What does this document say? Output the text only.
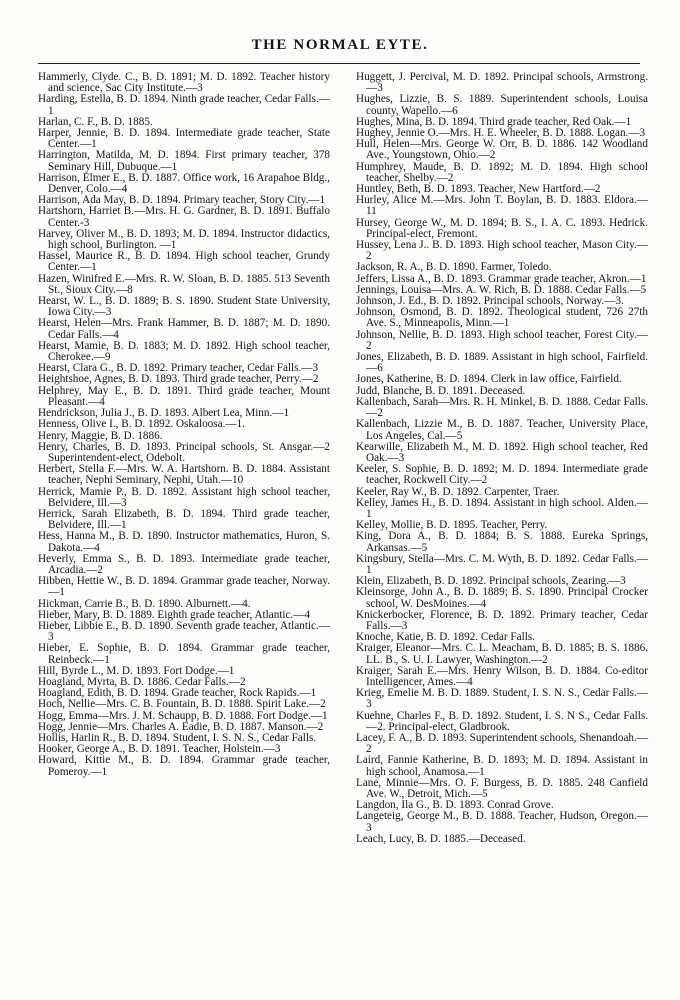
THE NORMAL EYTE.
Hammerly, Clyde. C., B. D. 1891; M. D. 1892. Teacher history and science, Sac City Institute.—3
Harding, Estella, B. D. 1894. Ninth grade teacher, Cedar Falls.—1
Harlan, C. F., B. D. 1885.
Harper, Jennie, B. D. 1894. Intermediate grade teacher, State Center.—1
Harrington, Matilda, M. D. 1894. First primary teacher, 378 Seminary Hill, Dubuque.—1
Harrison, Elmer E., B. D. 1887. Office work, 16 Arapahoe Bldg., Denver, Colo.—4
Harrison, Ada May, B. D. 1894. Primary teacher, Story City.—1
Hartshorn, Harriet B.—Mrs. H. G. Gardner, B. D. 1891. Buffalo Center.-3
Harvey, Oliver M., B. D. 1893; M. D. 1894. Instructor didactics, high school, Burlington. —1
Hassel, Maurice R., B. D. 1894. High school teacher, Grundy Center.—1
Hazen, Winifred E.—Mrs. R. W. Sloan, B. D. 1885. 513 Seventh St., Sioux City.—8
Hearst, W. L., B. D. 1889; B. S. 1890. Student State University, Iowa City.—3
Hearst, Helen—Mrs. Frank Hammer, B. D. 1887; M. D. 1890. Cedar Falls.—4
Hearst, Mamie, B. D. 1883; M. D. 1892. High school teacher, Cherokee.—9
Hearst, Clara G., B. D. 1892. Primary teacher, Cedar Falls.—3
Heightshoe, Agnes, B. D. 1893. Third grade teacher, Perry.—2
Helphrey, May E., B. D. 1891. Third grade teacher, Mount Pleasant.—4
Hendrickson, Julia J., B. D. 1893. Albert Lea, Minn.—1
Henness, Olive I., B. D. 1892. Oskaloosa.—1.
Henry, Maggie, B. D. 1886.
Henry, Charles, B. D. 1893. Principal schools, St. Ansgar.—2 Superintendent-elect, Odebolt.
Herbert, Stella F.—Mrs. W. A. Hartshorn. B. D. 1884. Assistant teacher, Nephi Seminary, Nephi, Utah.—10
Herrick, Mamie P., B. D. 1892. Assistant high school teacher, Belvidere, Ill.—3
Herrick, Sarah Elizabeth, B. D. 1894. Third grade teacher, Belvidere, Ill.—1
Hess, Hanna M., B. D. 1890. Instructor mathematics, Huron, S. Dakota.—4
Heverly, Emma S., B. D. 1893. Intermediate grade teacher, Arcadia.—2
Hibben, Hettie W., B. D. 1894. Grammar grade teacher, Norway.—1
Hickman, Carrie B., B. D. 1890. Alburnett.—4.
Hieber, Mary, B. D. 1889. Eighth grade teacher, Atlantic.—4
Hieber, Libbie E., B. D. 1890. Seventh grade teacher, Atlantic.— 3
Hieber, E. Sophie, B. D. 1894. Grammar grade teacher, Reinbeck.—1
Hill, Byrde L., M. D. 1893. Fort Dodge.—1
Hoagland, Myrta, B. D. 1886. Cedar Falls.—2
Hoagland, Edith, B. D. 1894. Grade teacher, Rock Rapids.—1
Hoch, Nellie—Mrs. C. B. Fountain, B. D. 1888. Spirit Lake.—2
Hogg, Emma—Mrs. J. M. Schaupp, B. D. 1888. Fort Dodge.—1
Hogg, Jennie—Mrs. Charles A. Eadie, B. D. 1887. Manson.—2
Hollis, Harlin R., B. D. 1894. Student, I. S. N. S., Cedar Falls.
Hooker, George A., B. D. 1891. Teacher, Holstein.—3
Howard, Kittie M., B. D. 1894. Grammar grade teacher, Pomeroy.—1
Huggett, J. Percival, M. D. 1892. Principal schools, Armstrong.—3
Hughes, Lizzie, B. S. 1889. Superintendent schools, Louisa county, Wapello.—6
Hughes, Mina, B. D. 1894. Third grade teacher, Red Oak.—1
Hughey, Jennie O.—Mrs. H. E. Wheeler, B. D. 1888. Logan.—3
Hull, Helen—Mrs. George W. Orr, B. D. 1886. 142 Woodland Ave., Youngstown, Ohio.—2
Humphrey, Maude, B. D. 1892; M. D. 1894. High school teacher, Shelby.—2
Huntley, Beth, B. D. 1893. Teacher, New Hartford.—2
Hurley, Alice M.—Mrs. John T. Boylan, B. D. 1883. Eldora.—11
Hursey, George W., M. D. 1894; B. S., I. A. C. 1893. Hedrick. Principal-elect, Fremont.
Hussey, Lena J.. B. D. 1893. High school teacher, Mason City.—2
Jackson, R. A., B. D. 1890. Farmer, Toledo.
Jeffers, Lissa A., B. D. 1893. Grammar grade teacher, Akron.—1
Jennings, Louisa—Mrs. A. W. Rich, B. D. 1888. Cedar Falls.—5
Johnson, J. Ed., B. D. 1892. Principal schools, Norway.—3.
Johnson, Osmond, B. D. 1892. Theological student, 726 27th Ave. S., Minneapolis, Minn.—1
Johnson, Nellie, B. D. 1893. High school teacher, Forest City.—2
Jones, Elizabeth, B. D. 1889. Assistant in high school, Fairfield.—6
Jones, Katherine, B. D. 1894. Clerk in law office, Fairfield.
Judd, Blanche, B. D. 1891. Deceased.
Kallenbach, Sarah—Mrs. R. H. Minkel, B. D. 1888. Cedar Falls.—2
Kallenbach, Lizzie M., B. D. 1887. Teacher, University Place, Los Angeles, Cal.—5
Kearwille, Elizabeth M., M. D. 1892. High school teacher, Red Oak.—3
Keeler, S. Sophie, B. D. 1892; M. D. 1894. Intermediate grade teacher, Rockwell City.—2
Keeler, Ray W., B. D. 1892. Carpenter, Traer.
Kelley, James H., B. D. 1894. Assistant in high school. Alden.—1
Kelley, Mollie, B. D. 1895. Teacher, Perry.
King, Dora A., B. D. 1884; B. S. 1888. Eureka Springs, Arkansas.—5
Kingsbury, Stella—Mrs. C. M. Wyth, B. D. 1892. Cedar Falls.—1
Klein, Elizabeth, B. D. 1892. Principal schools, Zearing.—3
Kleinsorge, John A., B. D. 1889; B. S. 1890. Principal Crocker school, W. DesMoines.—4
Knickerbocker, Florence, B. D. 1892. Primary teacher, Cedar Falls.—3
Knoche, Katie, B. D. 1892. Cedar Falls.
Kraiger, Eleanor—Mrs. C. L. Meacham, B. D. 1885; B. S. 1886. LL. B., S. U. I. Lawyer, Washington.—2
Kraiger, Sarah E.—Mrs. Henry Wilson, B. D. 1884. Co-editor Intelligencer, Ames.—4
Krieg, Emelie M. B. D. 1889. Student, I. S. N. S., Cedar Falls.—3
Kuehne, Charles F., B. D. 1892. Student, I. S. N S., Cedar Falls.—2. Principal-elect, Gladbrook.
Lacey, F. A., B. D. 1893. Superintendent schools, Shenandoah.—2
Laird, Fannie Katherine, B. D. 1893; M. D. 1894. Assistant in high school, Anamosa.—1
Lane, Minnie—Mrs. O. F. Burgess, B. D. 1885. 248 Canfield Ave. W., Detroit, Mich.—5
Langdon, Ila G., B. D. 1893. Conrad Grove.
Langeteig, George M., B. D. 1888. Teacher, Hudson, Oregon.—3
Leach, Lucy, B. D. 1885.—Deceased.
